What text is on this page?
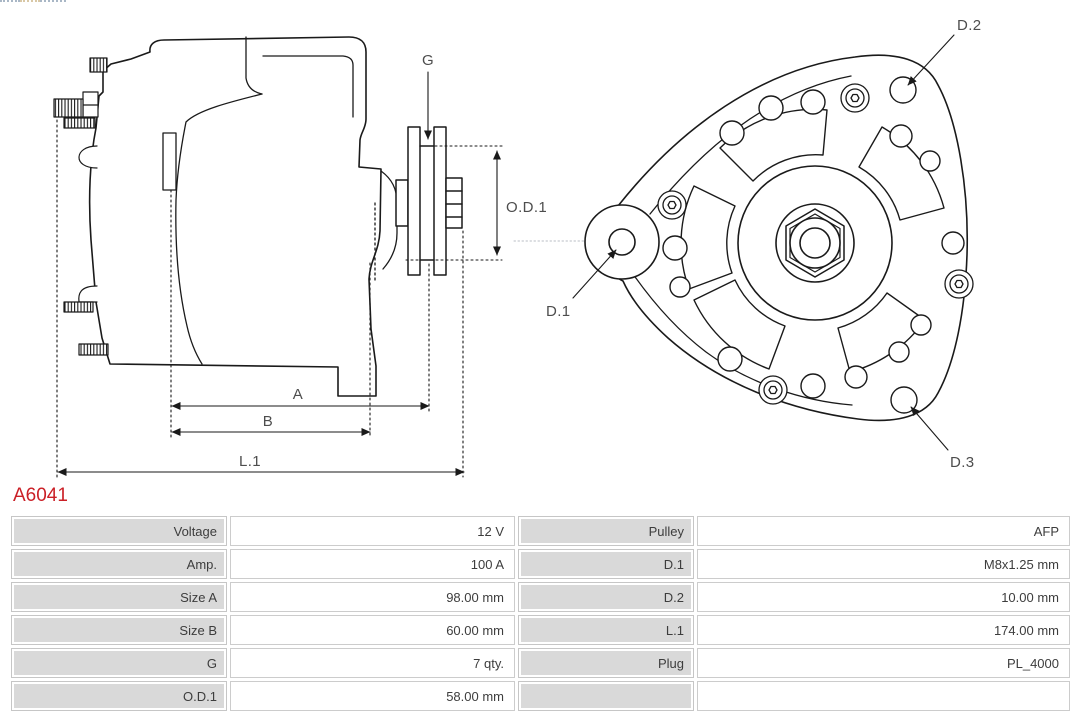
G
O.D.1
A
B
L.1
D.2
D.1
D.3
A6041
Voltage	12 V	Pulley	AFP
Amp.	100 A	D.1	M8x1.25 mm
Size A	98.00 mm	D.2	10.00 mm
Size B	60.00 mm	L.1	174.00 mm
G	7 qty.	Plug	PL_4000
O.D.1	58.00 mm
